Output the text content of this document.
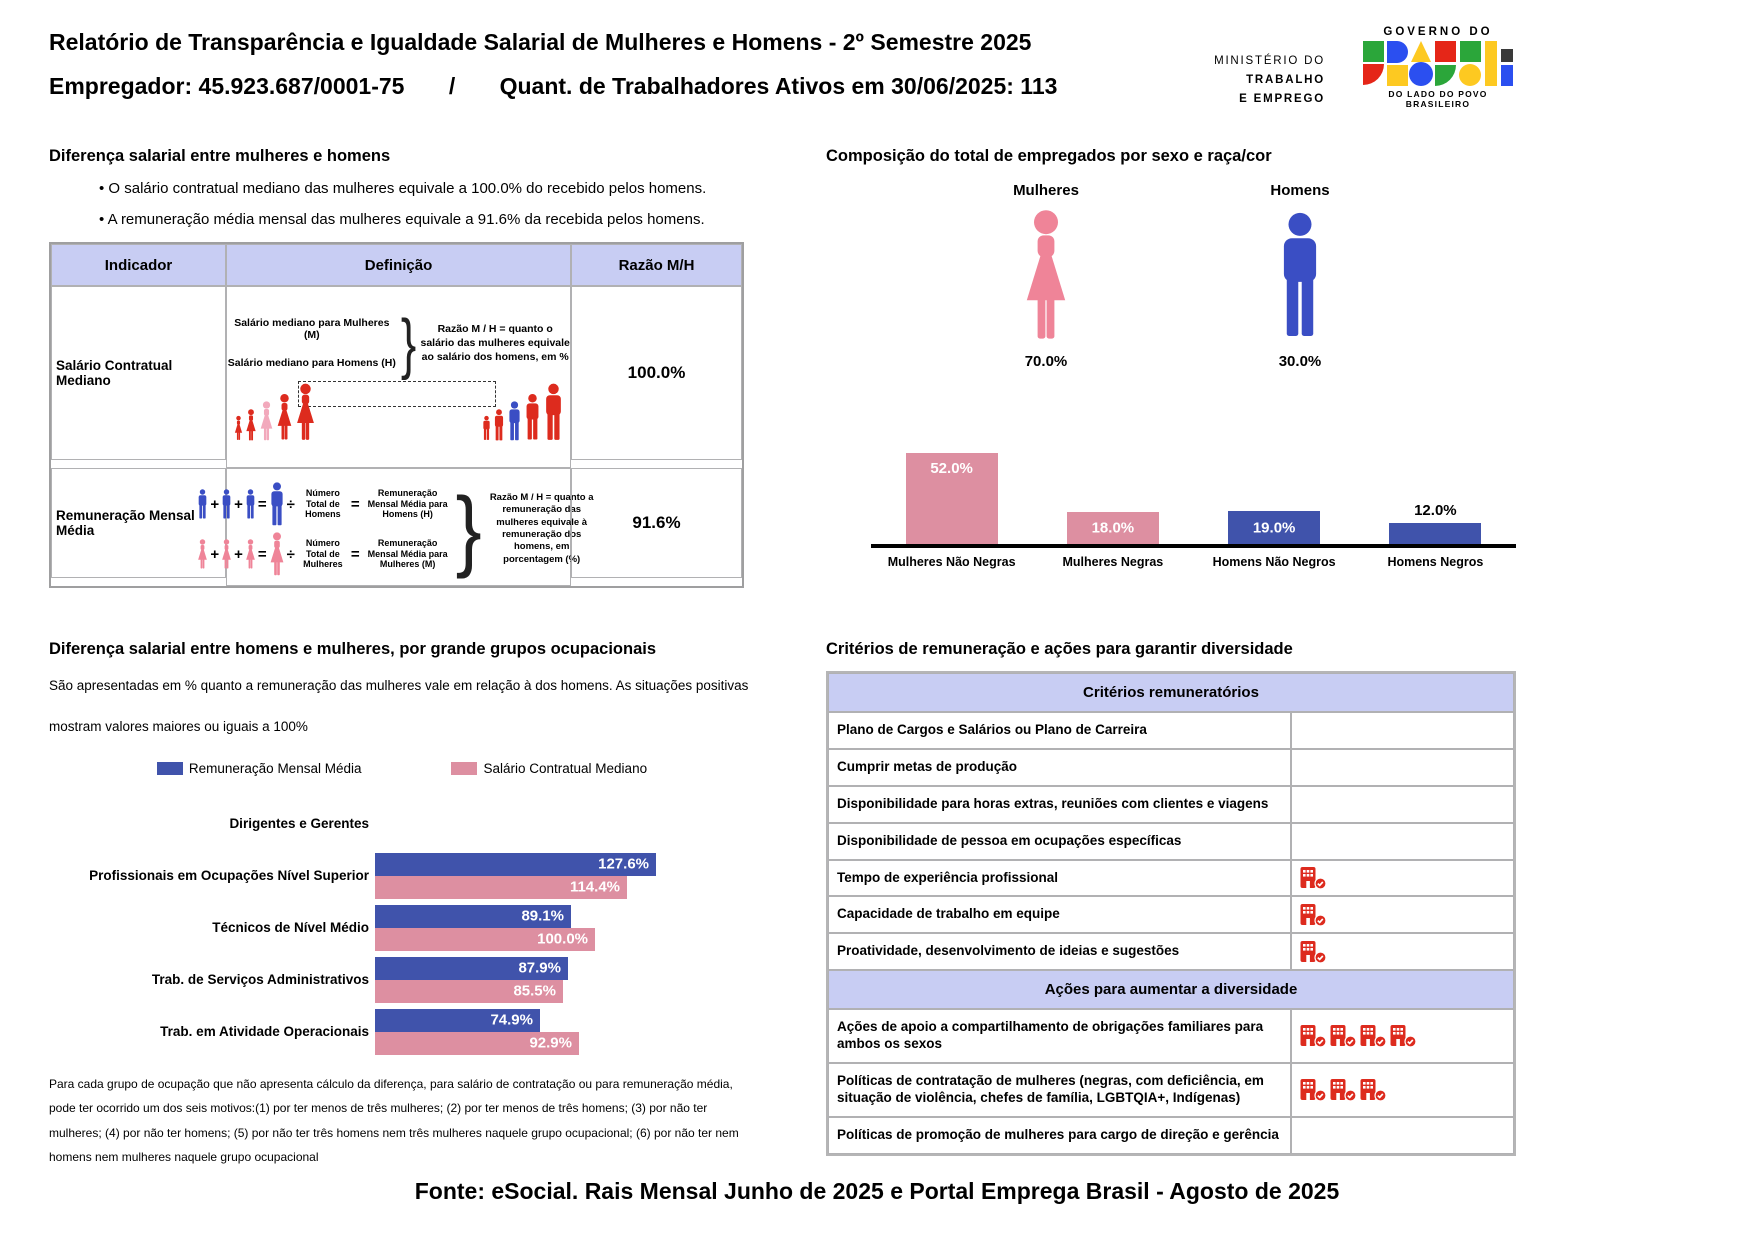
Relatório de Transparência e Igualdade Salarial de Mulheres e Homens - 2º Semestre 2025
Empregador: 45.923.687/0001-75 / Quant. de Trabalhadores Ativos em 30/06/2025: 113
MINISTÉRIO DO
TRABALHO
E EMPREGO
GOVERNO DO
DO LADO DO POVO BRASILEIRO
Diferença salarial entre mulheres e homens
• O salário contratual mediano das mulheres equivale a 100.0% do recebido pelos homens.
• A remuneração média mensal das mulheres equivale a 91.6% da recebida pelos homens.
Indicador	Definição	Razão M/H
Salário Contratual Mediano
Salário mediano para Mulheres (M)
Salário mediano para Homens (H) }	Razão M / H = quanto o salário das mulheres equivale ao salário dos homens, em %
100.0%
Remuneração Mensal Média
+ + = ÷
Número Total de Homens
=
Remuneração Mensal Média para Homens (H)
+ + = ÷
Número Total de Mulheres
=
Remuneração Mensal Média para Mulheres (M) } Razão M / H = quanto a remuneração das mulheres equivale à remuneração dos homens, em porcentagem (%)
91.6%
Composição do total de empregados por sexo e raça/cor
Mulheres
70.0%
Homens
30.0%
52.0%
18.0%	19.0%
12.0%
Mulheres Não Negras	Mulheres Negras	Homens Não Negros	Homens Negros
Diferença salarial entre homens e mulheres, por grande grupos ocupacionais
São apresentadas em % quanto a remuneração das mulheres vale em relação à dos homens. As situações positivas
mostram valores maiores ou iguais a 100%
Remuneração Mensal Média	Salário Contratual Mediano
Dirigentes e Gerentes
Profissionais em Ocupações Nível Superior
127.6%
114.4%
Técnicos de Nível Médio
89.1%
100.0%
Trab. de Serviços Administrativos
87.9%
85.5%
Trab. em Atividade Operacionais
74.9%
92.9%
Para cada grupo de ocupação que não apresenta cálculo da diferença, para salário de contratação ou para remuneração média, pode ter ocorrido um dos seis motivos:(1) por ter menos de três mulheres; (2) por ter menos de três homens; (3) por não ter mulheres; (4) por não ter homens; (5) por não ter três homens nem três mulheres naquele grupo ocupacional; (6) por não ter nem homens nem mulheres naquele grupo ocupacional
Critérios de remuneração e ações para garantir diversidade
Critérios remuneratórios
Plano de Cargos e Salários ou Plano de Carreira
Cumprir metas de produção
Disponibilidade para horas extras, reuniões com clientes e viagens
Disponibilidade de pessoa em ocupações específicas
Tempo de experiência profissional
Capacidade de trabalho em equipe
Proatividade, desenvolvimento de ideias e sugestões
Ações para aumentar a diversidade
Ações de apoio a compartilhamento de obrigações familiares para ambos os sexos
Políticas de contratação de mulheres (negras, com deficiência, em situação de violência, chefes de família, LGBTQIA+, Indígenas)
Políticas de promoção de mulheres para cargo de direção e gerência
Fonte: eSocial. Rais Mensal Junho de 2025 e Portal Emprega Brasil - Agosto de 2025
